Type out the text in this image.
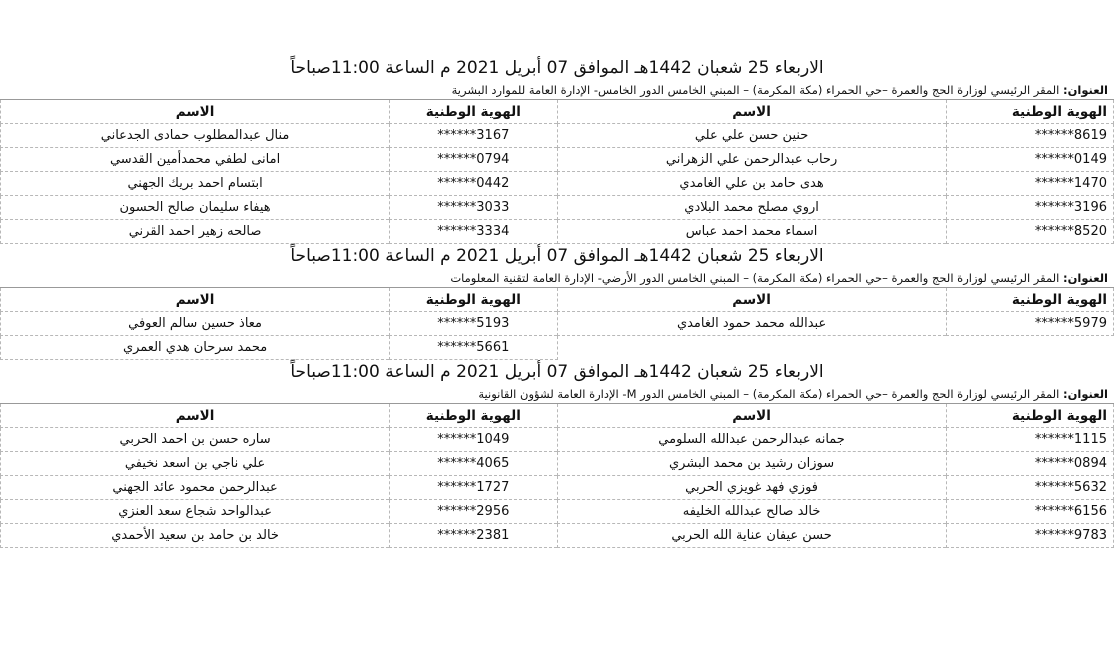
الاربعاء 25 شعبان 1442هـ الموافق 07 أبريل 2021 م الساعة 11:00صباحاً
العنوان: المقر الرئيسي لوزارة الحج والعمرة –حي الحمراء (مكة المكرمة) – المبني الخامس الدور الخامس- الإدارة العامة للموارد البشرية
الهوية الوطنية	الاسم	الهوية الوطنية	الاسم
******8619	حنين حسن علي علي	******3167	منال عبدالمطلوب حمادى الجدعاني
******0149	رحاب عبدالرحمن علي الزهراني	******0794	امانى لطفي محمدأمين القدسي
******1470	هدى حامد بن علي الغامدي	******0442	ابتسام احمد بريك الجهني
******3196	اروي مصلح محمد البلادي	******3033	هيفاء سليمان صالح الحسون
******8520	اسماء محمد احمد عباس	******3334	صالحه زهير احمد القرني
الاربعاء 25 شعبان 1442هـ الموافق 07 أبريل 2021 م الساعة 11:00صباحاً
العنوان: المقر الرئيسي لوزارة الحج والعمرة –حي الحمراء (مكة المكرمة) – المبني الخامس الدور الأرضي- الإدارة العامة لتقنية المعلومات
الهوية الوطنية	الاسم	الهوية الوطنية	الاسم
******5979	عبدالله محمد حمود الغامدي	******5193	معاذ حسين سالم العوفي
		******5661	محمد سرحان هدي العمري
الاربعاء 25 شعبان 1442هـ الموافق 07 أبريل 2021 م الساعة 11:00صباحاً
العنوان: المقر الرئيسي لوزارة الحج والعمرة –حي الحمراء (مكة المكرمة) – المبني الخامس الدور M- الإدارة العامة لشؤون القانونية
الهوية الوطنية	الاسم	الهوية الوطنية	الاسم
******1115	جمانه عبدالرحمن عبدالله السلومي	******1049	ساره حسن بن احمد الحربي
******0894	سوزان رشيد بن محمد البشري	******4065	علي ناجي بن اسعد نخيفي
******5632	فوزي فهد غويزي الحربي	******1727	عبدالرحمن محمود عائد الجهني
******6156	خالد صالح عبدالله الخليفه	******2956	عبدالواحد شجاع سعد العنزي
******9783	حسن عيفان عناية الله الحربي	******2381	خالد بن حامد بن سعيد الأحمدي
